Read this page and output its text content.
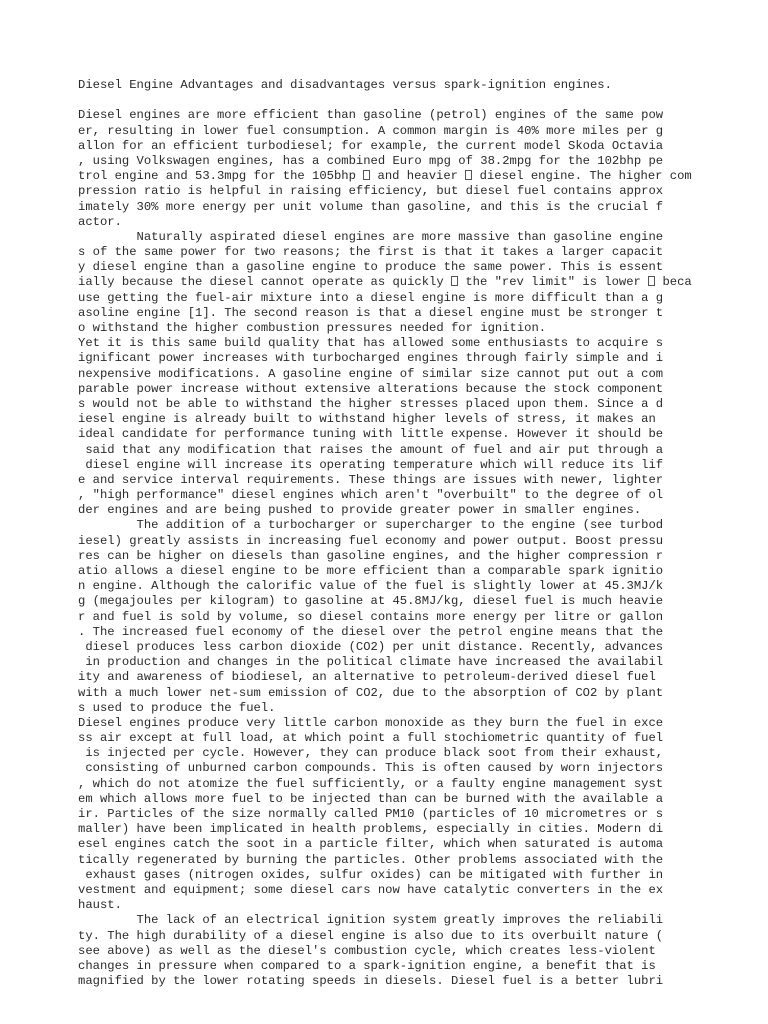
Diesel Engine Advantages and disadvantages versus spark-ignition engines.
Diesel engines are more efficient than gasoline (petrol) engines of the same pow
er, resulting in lower fuel consumption. A common margin is 40% more miles per g
allon for an efficient turbodiesel; for example, the current model Skoda Octavia
, using Volkswagen engines, has a combined Euro mpg of 38.2mpg for the 102bhp pe
trol engine and 53.3mpg for the 105bhp  and heavier  diesel engine. The higher com
pression ratio is helpful in raising efficiency, but diesel fuel contains approx
imately 30% more energy per unit volume than gasoline, and this is the crucial f
actor.
Naturally aspirated diesel engines are more massive than gasoline engine
s of the same power for two reasons; the first is that it takes a larger capacit
y diesel engine than a gasoline engine to produce the same power. This is essent
ially because the diesel cannot operate as quickly  the "rev limit" is lower  beca
use getting the fuel-air mixture into a diesel engine is more difficult than a g
asoline engine [1]. The second reason is that a diesel engine must be stronger t
o withstand the higher combustion pressures needed for ignition.
Yet it is this same build quality that has allowed some enthusiasts to acquire s
ignificant power increases with turbocharged engines through fairly simple and i
nexpensive modifications. A gasoline engine of similar size cannot put out a com
parable power increase without extensive alterations because the stock component
s would not be able to withstand the higher stresses placed upon them. Since a d
iesel engine is already built to withstand higher levels of stress, it makes an
ideal candidate for performance tuning with little expense. However it should be
said that any modification that raises the amount of fuel and air put through a
diesel engine will increase its operating temperature which will reduce its lif
e and service interval requirements. These things are issues with newer, lighter
, "high performance" diesel engines which aren't "overbuilt" to the degree of ol
der engines and are being pushed to provide greater power in smaller engines.
The addition of a turbocharger or supercharger to the engine (see turbod
iesel) greatly assists in increasing fuel economy and power output. Boost pressu
res can be higher on diesels than gasoline engines, and the higher compression r
atio allows a diesel engine to be more efficient than a comparable spark ignitio
n engine. Although the calorific value of the fuel is slightly lower at 45.3MJ/k
g (megajoules per kilogram) to gasoline at 45.8MJ/kg, diesel fuel is much heavie
r and fuel is sold by volume, so diesel contains more energy per litre or gallon
. The increased fuel economy of the diesel over the petrol engine means that the
diesel produces less carbon dioxide (CO2) per unit distance. Recently, advances
in production and changes in the political climate have increased the availabil
ity and awareness of biodiesel, an alternative to petroleum-derived diesel fuel
with a much lower net-sum emission of CO2, due to the absorption of CO2 by plant
s used to produce the fuel.
Diesel engines produce very little carbon monoxide as they burn the fuel in exce
ss air except at full load, at which point a full stochiometric quantity of fuel
is injected per cycle. However, they can produce black soot from their exhaust,
consisting of unburned carbon compounds. This is often caused by worn injectors
, which do not atomize the fuel sufficiently, or a faulty engine management syst
em which allows more fuel to be injected than can be burned with the available a
ir. Particles of the size normally called PM10 (particles of 10 micrometres or s
maller) have been implicated in health problems, especially in cities. Modern di
esel engines catch the soot in a particle filter, which when saturated is automa
tically regenerated by burning the particles. Other problems associated with the
exhaust gases (nitrogen oxides, sulfur oxides) can be mitigated with further in
vestment and equipment; some diesel cars now have catalytic converters in the ex
haust.
The lack of an electrical ignition system greatly improves the reliabili
ty. The high durability of a diesel engine is also due to its overbuilt nature (
see above) as well as the diesel's combustion cycle, which creates less-violent
changes in pressure when compared to a spark-ignition engine, a benefit that is
magnified by the lower rotating speeds in diesels. Diesel fuel is a better lubri
